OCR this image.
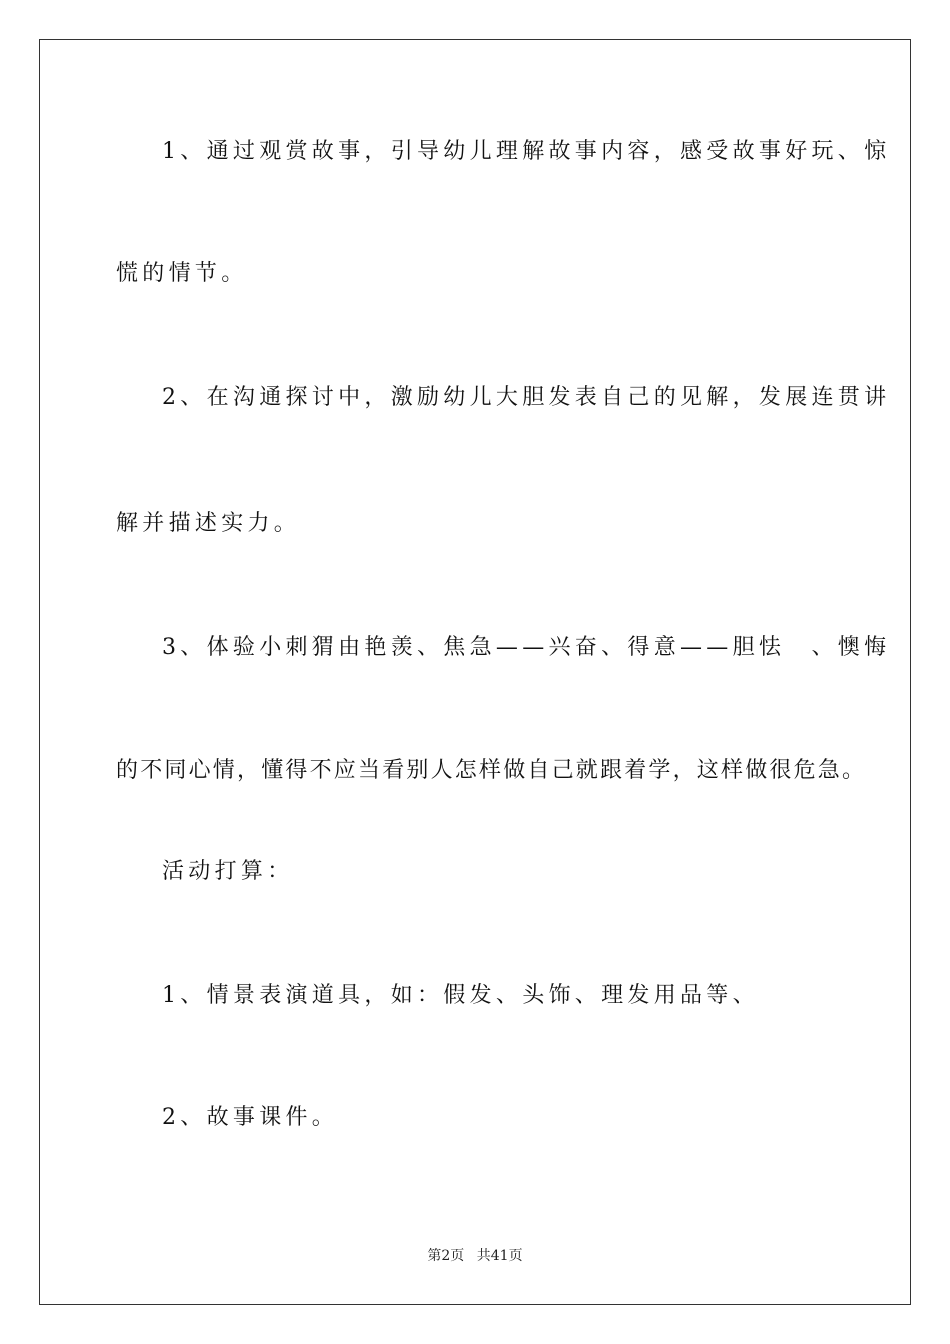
1、通过观赏故事，引导幼儿理解故事内容，感受故事好玩、惊
慌的情节。
2、在沟通探讨中，激励幼儿大胆发表自己的见解，发展连贯讲
解并描述实力。
3、体验小刺猬由艳羡、焦急——兴奋、得意——胆怯　、懊悔
的不同心情，懂得不应当看别人怎样做自己就跟着学，这样做很危急。
活动打算：
1、情景表演道具，如：假发、头饰、理发用品等、
2、故事课件。
第2页 共41页
